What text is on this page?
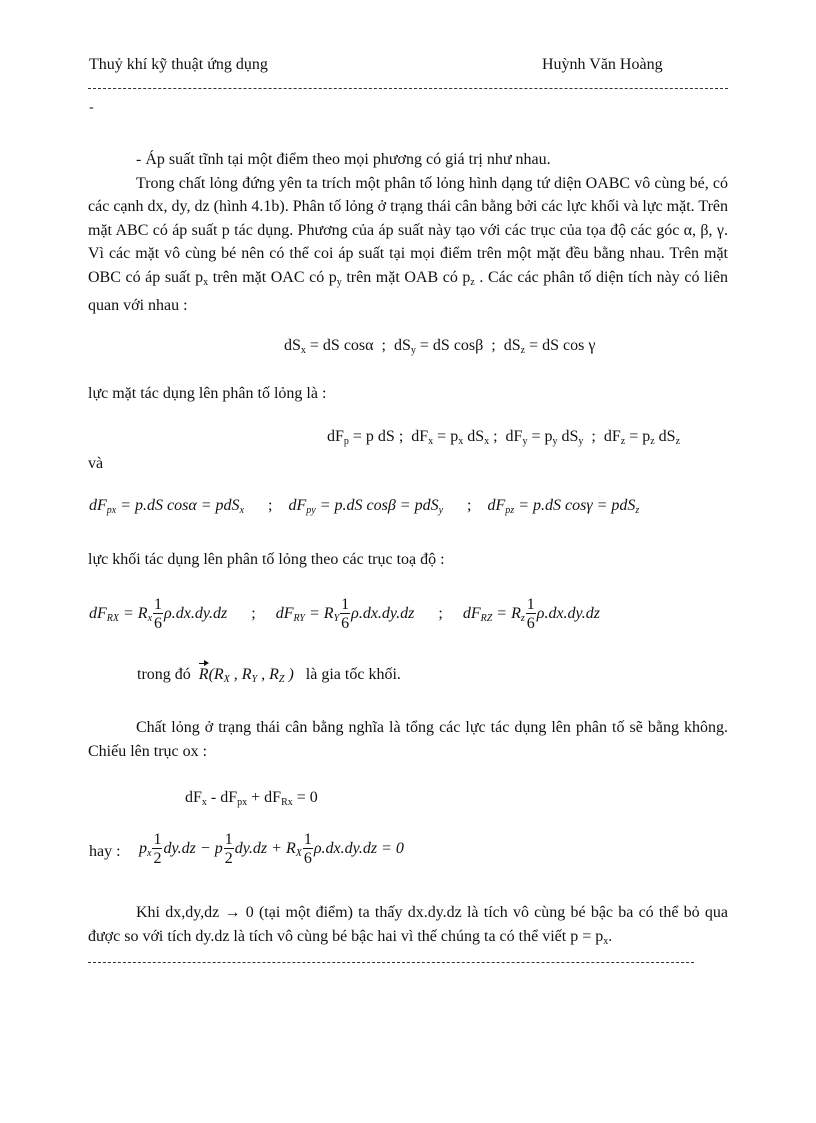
Thuỷ khí kỹ thuật ứng dụng	Huỳnh Văn Hoàng
-

- Áp suất tĩnh tại một điểm theo mọi phương có giá trị như nhau.

Trong chất lỏng đứng yên ta trích một phân tố lỏng hình dạng tứ diện OABC vô cùng bé, có các cạnh dx, dy, dz (hình 4.1b). Phân tố lỏng ở trạng thái cân bằng bởi các lực khối và lực mặt. Trên mặt ABC có áp suất p tác dụng. Phương của áp suất này tạo với các trục của tọa độ các góc α, β, γ. Vì các mặt vô cùng bé nên có thể coi áp suất tại mọi điểm trên một mặt đều bằng nhau. Trên mặt OBC có áp suất $p_x$ trên mặt OAC có $p_y$ trên mặt OAB có $p_z$ . Các các phân tố diện tích này có liên quan với nhau :

$dS_x$ = dS cosα  ;  $dS_y$ = dS cosβ  ;  $dS_z$ = dS cos γ
lực mặt tác dụng lên phân tố lỏng là :
$dF_p = p$ dS ;  $dF_x = p_x$ $dS_x$ ;  $dF_y = p_y$ $dS_y$  ;  $dF_z = p_z$ $dS_z$
và
$dF_{px} = p.dS$ cosα = pdS$_x$      ;    $dF_{py} = p.dS$ cosβ = pdS$_y$      ;    $dF_{pz} = p.dS$ cosγ = pdS$_z$
lực khối tác dụng lên phân tố lỏng theo các trục toạ độ :
$dF_{RX} = R_x \frac{1}{6} \rho.dx.dy.dz$      ;     $dF_{RY} = R_Y \frac{1}{6} \rho.dx.dy.dz$      ;     $dF_{RZ} = R_z \frac{1}{6} \rho.dx.dy.dz$
trong đó $R(R_X$ , $R_Y$ , $R_Z$ ) là gia tốc khối.

Chất lỏng ở trạng thái cân bằng nghĩa là tổng các lực tác dụng lên phân tố sẽ bằng không. Chiếu lên trục ox :

$dF_x - dF_{px} + dF_{Rx} = 0$
hay : $p_x \frac{1}{2} dy.dz - p \frac{1}{2} dy.dz + R_X \frac{1}{6} \rho.dx.dy.dz = 0$

Khi dx,dy,dz → 0 (tại một điểm) ta thấy dx.dy.dz là tích vô cùng bé bậc ba có thể bỏ qua được so với tích dy.dz là tích vô cùng bé bậc hai vì thế chúng ta có thể viết $p = p_x$.
